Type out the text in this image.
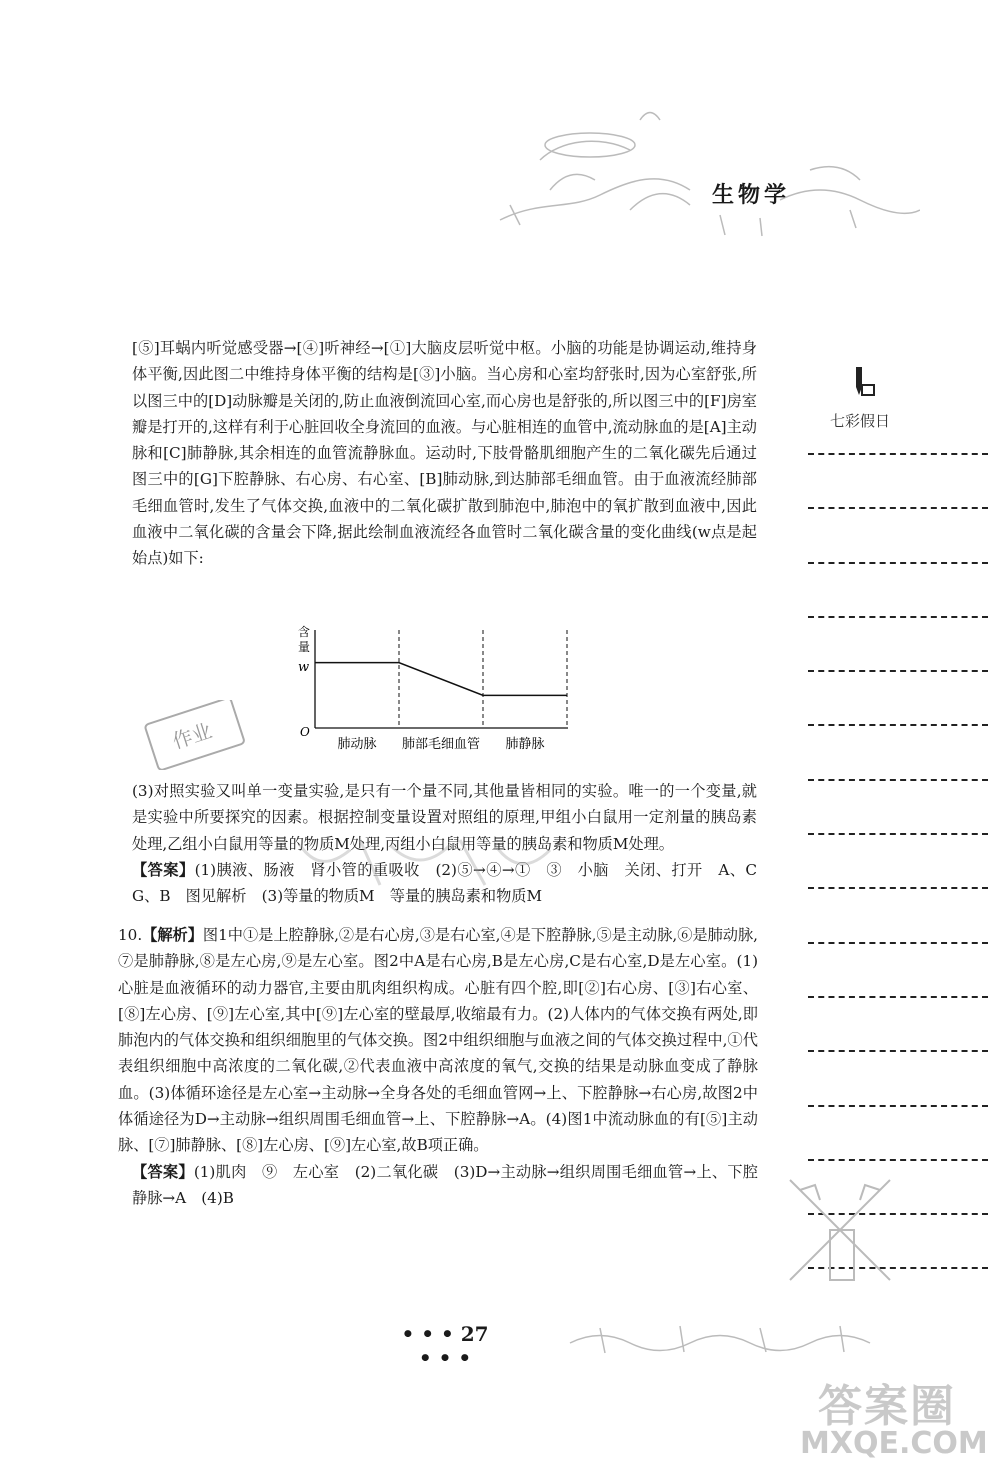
生物学

[⑤]耳蜗内听觉感受器→[④]听神经→[①]大脑皮层听觉中枢。小脑的功能是协调运动,维持身体平衡,因此图二中维持身体平衡的结构是[③]小脑。当心房和心室均舒张时,因为心室舒张,所以图三中的[D]动脉瓣是关闭的,防止血液倒流回心室,而心房也是舒张的,所以图三中的[F]房室瓣是打开的,这样有利于心脏回收全身流回的血液。与心脏相连的血管中,流动脉血的是[A]主动脉和[C]肺静脉,其余相连的血管流静脉血。运动时,下肢骨骼肌细胞产生的二氧化碳先后通过图三中的[G]下腔静脉、右心房、右心室、[B]肺动脉,到达肺部毛细血管。由于血液流经肺部毛细血管时,发生了气体交换,血液中的二氧化碳扩散到肺泡中,肺泡中的氧扩散到血液中,因此血液中二氧化碳的含量会下降,据此绘制血液流经各血管时二氧化碳含量的变化曲线(w点是起始点)如下:

含
量
w
O
肺动脉 肺部毛细血管 肺静脉

(3)对照实验又叫单一变量实验,是只有一个量不同,其他量皆相同的实验。唯一的一个变量,就是实验中所要探究的因素。根据控制变量设置对照组的原理,甲组小白鼠用一定剂量的胰岛素处理,乙组小白鼠用等量的物质M处理,丙组小白鼠用等量的胰岛素和物质M处理。

【答案】(1)胰液、肠液　肾小管的重吸收　(2)⑤→④→①　③　小脑　关闭、打开　A、C　G、B　图见解析　(3)等量的物质M　等量的胰岛素和物质M

10.【解析】图1中①是上腔静脉,②是右心房,③是右心室,④是下腔静脉,⑤是主动脉,⑥是肺动脉,⑦是肺静脉,⑧是左心房,⑨是左心室。图2中A是右心房,B是左心房,C是右心室,D是左心室。(1)心脏是血液循环的动力器官,主要由肌肉组织构成。心脏有四个腔,即[②]右心房、[③]右心室、[⑧]左心房、[⑨]左心室,其中[⑨]左心室的壁最厚,收缩最有力。(2)人体内的气体交换有两处,即肺泡内的气体交换和组织细胞里的气体交换。图2中组织细胞与血液之间的气体交换过程中,①代表组织细胞中高浓度的二氧化碳,②代表血液中高浓度的氧气,交换的结果是动脉血变成了静脉血。(3)体循环途径是左心室→主动脉→全身各处的毛细血管网→上、下腔静脉→右心房,故图2中体循途径为D→主动脉→组织周围毛细血管→上、下腔静脉→A。(4)图1中流动脉血的有[⑤]主动脉、[⑦]肺静脉、[⑧]左心房、[⑨]左心室,故B项正确。

【答案】(1)肌肉　⑨　左心室　(2)二氧化碳　(3)D→主动脉→组织周围毛细血管→上、下腔静脉→A　(4)B

七彩假日
作业
• • • 27 • • •
答案圈
MXQE.COM
